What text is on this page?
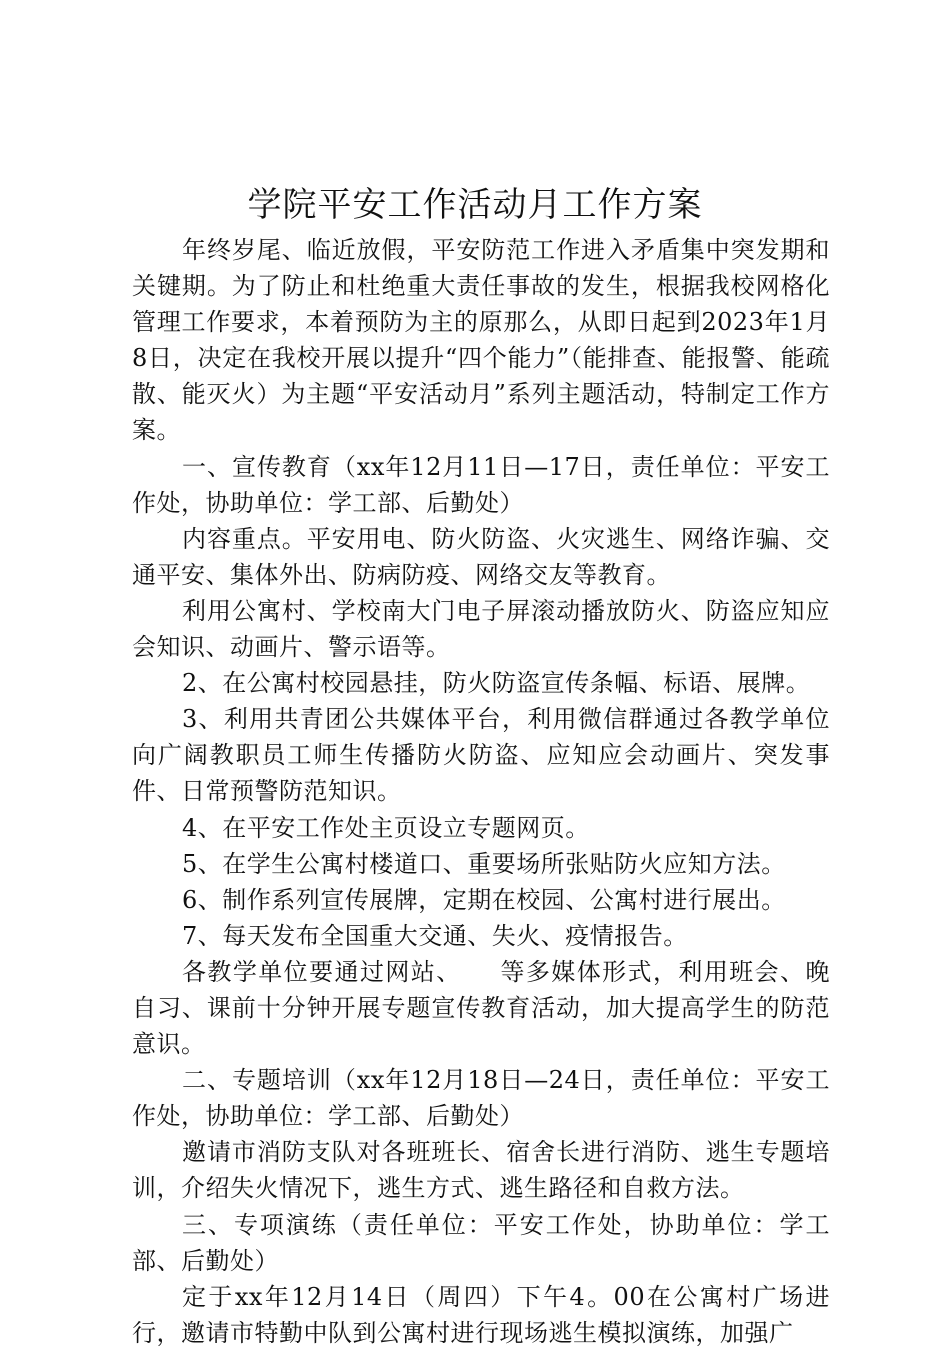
学院平安工作活动月工作方案

年终岁尾、临近放假，平安防范工作进入矛盾集中突发期和关键期。为了防止和杜绝重大责任事故的发生，根据我校网格化管理工作要求，本着预防为主的原那么，从即日起到2023年1月8日，决定在我校开展以提升“四个能力”（能排查、能报警、能疏散、能灭火）为主题“平安活动月”系列主题活动，特制定工作方案。

一、宣传教育（xx年12月11日—17日，责任单位：平安工作处，协助单位：学工部、后勤处）

内容重点。平安用电、防火防盗、火灾逃生、网络诈骗、交通平安、集体外出、防病防疫、网络交友等教育。

利用公寓村、学校南大门电子屏滚动播放防火、防盗应知应会知识、动画片、警示语等。

2、在公寓村校园悬挂，防火防盗宣传条幅、标语、展牌。

3、利用共青团公共媒体平台，利用微信群通过各教学单位向广阔教职员工师生传播防火防盗、应知应会动画片、突发事件、日常预警防范知识。

4、在平安工作处主页设立专题网页。

5、在学生公寓村楼道口、重要场所张贴防火应知方法。

6、制作系列宣传展牌，定期在校园、公寓村进行展出。

7、每天发布全国重大交通、失火、疫情报告。

各教学单位要通过网站、　　等多媒体形式，利用班会、晚自习、课前十分钟开展专题宣传教育活动，加大提高学生的防范意识。

二、专题培训（xx年12月18日—24日，责任单位：平安工作处，协助单位：学工部、后勤处）

邀请市消防支队对各班班长、宿舍长进行消防、逃生专题培训，介绍失火情况下，逃生方式、逃生路径和自救方法。

三、专项演练（责任单位：平安工作处，协助单位：学工部、后勤处）

定于xx年12月14日（周四）下午4。00在公寓村广场进行，邀请市特勤中队到公寓村进行现场逃生模拟演练，加强广
